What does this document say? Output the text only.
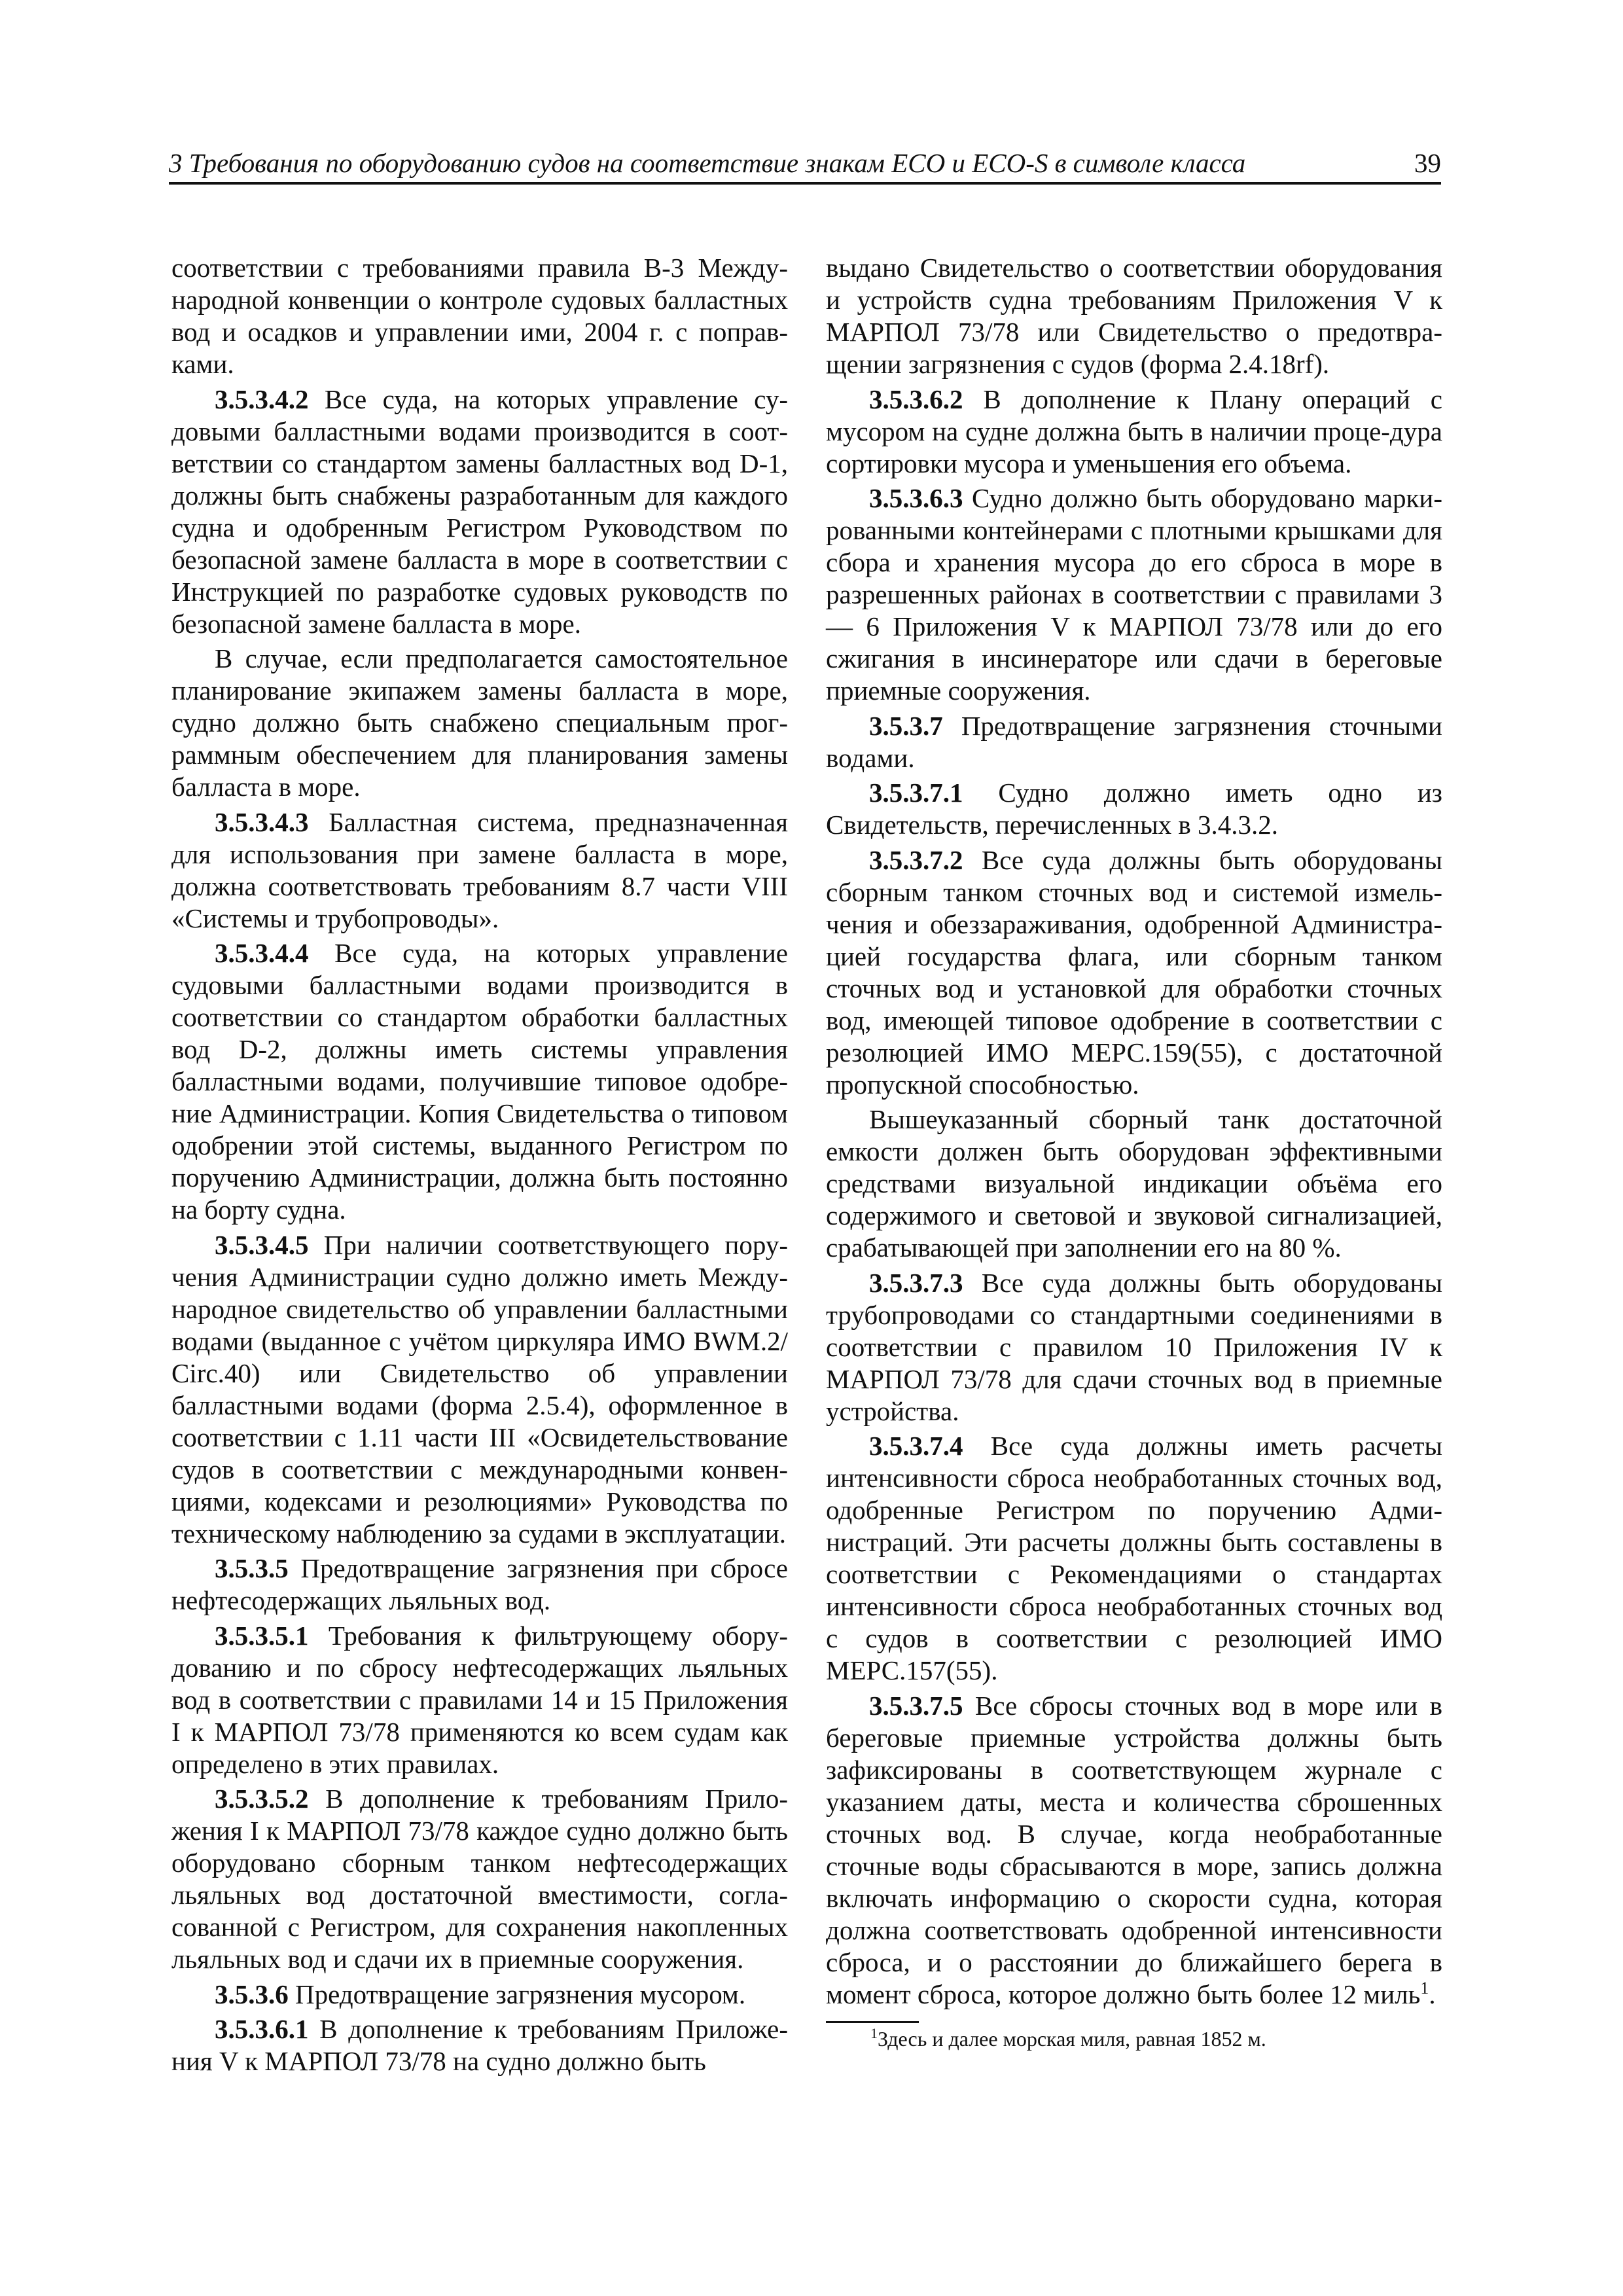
3 Требования по оборудованию судов на соответствие знакам ECO и ECO-S в символе класса	39

соответствии с требованиями правила В-3 Между-народной конвенции о контроле судовых балластных вод и осадков и управлении ими, 2004 г. с поправ-ками.

3.5.3.4.2 Все суда, на которых управление су-довыми балластными водами производится в соот-ветствии со стандартом замены балластных вод D-1, должны быть снабжены разработанным для каждого судна и одобренным Регистром Руководством по безопасной замене балласта в море в соответствии с Инструкцией по разработке судовых руководств по безопасной замене балласта в море.

В случае, если предполагается самостоятельное планирование экипажем замены балласта в море, судно должно быть снабжено специальным прог-раммным обеспечением для планирования замены балласта в море.

3.5.3.4.3 Балластная система, предназначенная для использования при замене балласта в море, должна соответствовать требованиям 8.7 части VIII «Системы и трубопроводы».

3.5.3.4.4 Все суда, на которых управление судовыми балластными водами производится в соответствии со стандартом обработки балластных вод D-2, должны иметь системы управления балластными водами, получившие типовое одобре-ние Администрации. Копия Свидетельства о типовом одобрении этой системы, выданного Регистром по поручению Администрации, должна быть постоянно на борту судна.

3.5.3.4.5 При наличии соответствующего пору-чения Администрации судно должно иметь Между-народное свидетельство об управлении балластными водами (выданное с учётом циркуляра ИМО BWM.2/ Circ.40) или Свидетельство об управлении балластными водами (форма 2.5.4), оформленное в соответствии с 1.11 части III «Освидетельствование судов в соответствии с международными конвен-циями, кодексами и резолюциями» Руководства по техническому наблюдению за судами в эксплуатации.

3.5.3.5 Предотвращение загрязнения при сбросе нефтесодержащих льяльных вод.

3.5.3.5.1 Требования к фильтрующему обору-дованию и по сбросу нефтесодержащих льяльных вод в соответствии с правилами 14 и 15 Приложения I к МАРПОЛ 73/78 применяются ко всем судам как определено в этих правилах.

3.5.3.5.2 В дополнение к требованиям Прило-жения I к МАРПОЛ 73/78 каждое судно должно быть оборудовано сборным танком нефтесодержащих льяльных вод достаточной вместимости, согла-сованной с Регистром, для сохранения накопленных льяльных вод и сдачи их в приемные сооружения.

3.5.3.6 Предотвращение загрязнения мусором.

3.5.3.6.1 В дополнение к требованиям Приложе-ния V к МАРПОЛ 73/78 на судно должно быть

выдано Свидетельство о соответствии оборудования и устройств судна требованиям Приложения V к МАРПОЛ 73/78 или Свидетельство о предотвра-щении загрязнения с судов (форма 2.4.18rf).

3.5.3.6.2 В дополнение к Плану операций с мусором на судне должна быть в наличии проце-дура сортировки мусора и уменьшения его объема.

3.5.3.6.3 Судно должно быть оборудовано марки-рованными контейнерами с плотными крышками для сбора и хранения мусора до его сброса в море в разрешенных районах в соответствии с правилами 3 — 6 Приложения V к МАРПОЛ 73/78 или до его сжигания в инсинераторе или сдачи в береговые приемные сооружения.

3.5.3.7 Предотвращение загрязнения сточными водами.

3.5.3.7.1 Судно должно иметь одно из Свидетельств, перечисленных в 3.4.3.2.

3.5.3.7.2 Все суда должны быть оборудованы сборным танком сточных вод и системой измель-чения и обеззараживания, одобренной Администра-цией государства флага, или сборным танком сточных вод и установкой для обработки сточных вод, имеющей типовое одобрение в соответствии с резолюцией ИМО МЕРС.159(55), с достаточной пропускной способностью.

Вышеуказанный сборный танк достаточной емкости должен быть оборудован эффективными средствами визуальной индикации объёма его содержимого и световой и звуковой сигнализацией, срабатывающей при заполнении его на 80 %.

3.5.3.7.3 Все суда должны быть оборудованы трубопроводами со стандартными соединениями в соответствии с правилом 10 Приложения IV к МАРПОЛ 73/78 для сдачи сточных вод в приемные устройства.

3.5.3.7.4 Все суда должны иметь расчеты интенсивности сброса необработанных сточных вод, одобренные Регистром по поручению Адми-нистраций. Эти расчеты должны быть составлены в соответствии с Рекомендациями о стандартах интенсивности сброса необработанных сточных вод с судов в соответствии с резолюцией ИМО МЕРС.157(55).

3.5.3.7.5 Все сбросы сточных вод в море или в береговые приемные устройства должны быть зафиксированы в соответствующем журнале с указанием даты, места и количества сброшенных сточных вод. В случае, когда необработанные сточные воды сбрасываются в море, запись должна включать информацию о скорости судна, которая должна соответствовать одобренной интенсивности сброса, и о расстоянии до ближайшего берега в момент сброса, которое должно быть более 12 миль$^1$.

$^1$Здесь и далее морская миля, равная 1852 м.
